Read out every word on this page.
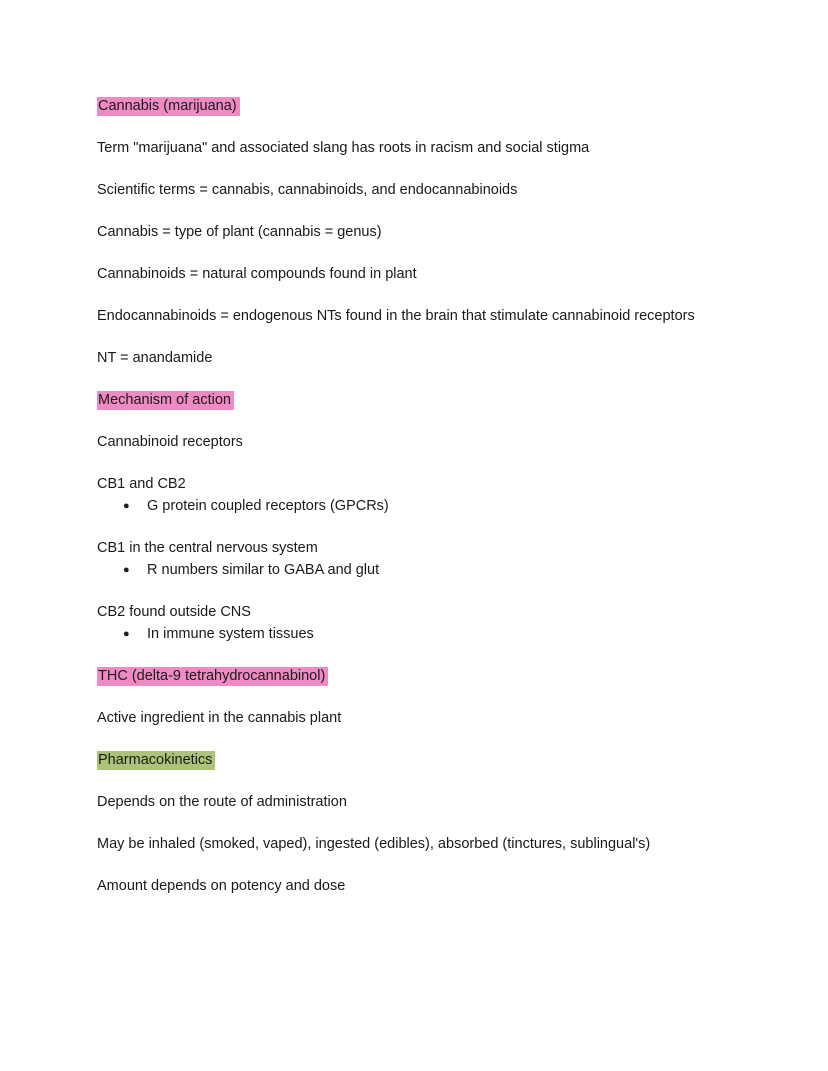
Cannabis (marijuana)

Term "marijuana" and associated slang has roots in racism and social stigma

Scientific terms = cannabis, cannabinoids, and endocannabinoids

Cannabis = type of plant (cannabis = genus)

Cannabinoids = natural compounds found in plant

Endocannabinoids = endogenous NTs found in the brain that stimulate cannabinoid receptors

NT = anandamide

Mechanism of action

Cannabinoid receptors

CB1 and CB2

● G protein coupled receptors (GPCRs)

CB1 in the central nervous system

● R numbers similar to GABA and glut

CB2 found outside CNS

● In immune system tissues

THC (delta-9 tetrahydrocannabinol)

Active ingredient in the cannabis plant

Pharmacokinetics

Depends on the route of administration

May be inhaled (smoked, vaped), ingested (edibles), absorbed (tinctures, sublingual's)

Amount depends on potency and dose
